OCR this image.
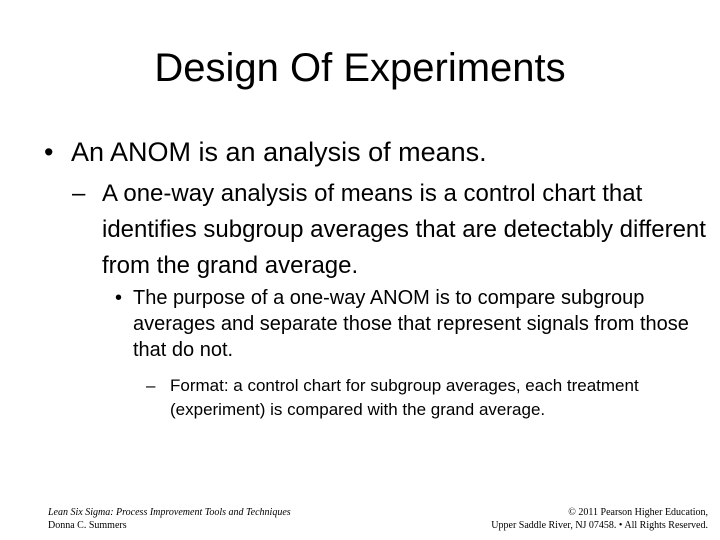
Design Of Experiments
• An ANOM is an analysis of means.
– A one-way analysis of means is a control chart that identifies subgroup averages that are detectably different from the grand average.
• The purpose of a one-way ANOM is to compare subgroup averages and separate those that represent signals from those that do not.
– Format: a control chart for subgroup averages, each treatment (experiment) is compared with the grand average.
Lean Six Sigma: Process Improvement Tools and Techniques
Donna C. Summers
© 2011 Pearson Higher Education,
Upper Saddle River, NJ 07458. • All Rights Reserved.
